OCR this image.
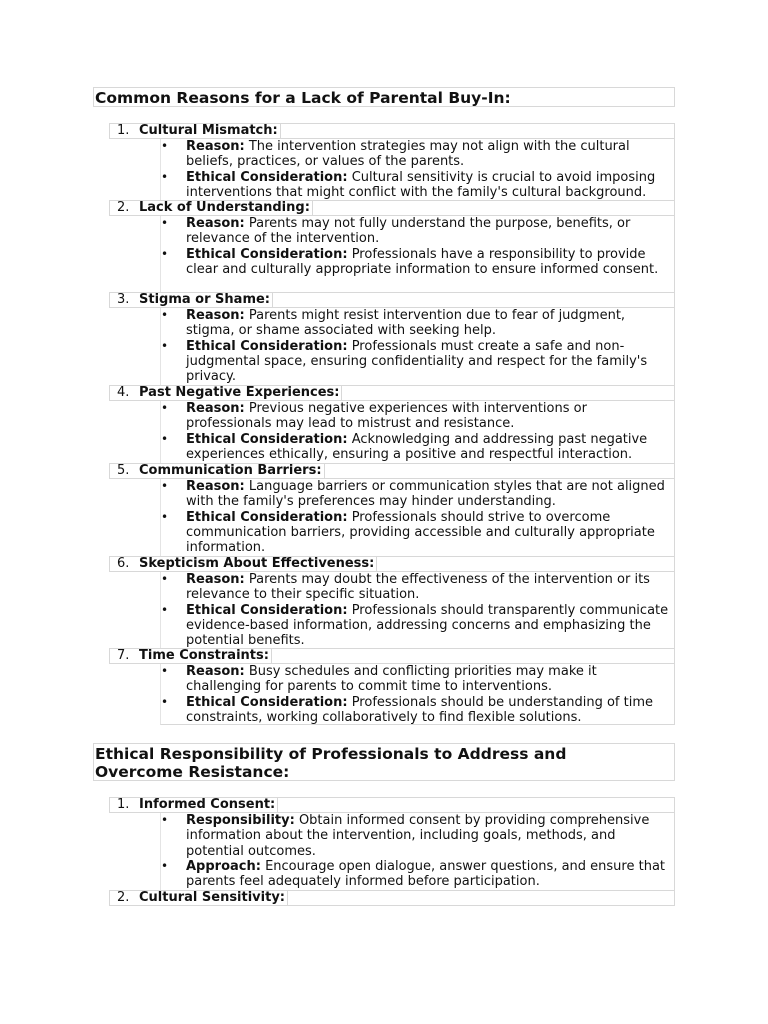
Common Reasons for a Lack of Parental Buy-In:
1. Cultural Mismatch:
•	Reason: The intervention strategies may not align with the cultural beliefs, practices, or values of the parents.
•	Ethical Consideration: Cultural sensitivity is crucial to avoid imposing interventions that might conflict with the family's cultural background.
2. Lack of Understanding:
•	Reason: Parents may not fully understand the purpose, benefits, or relevance of the intervention.
•	Ethical Consideration: Professionals have a responsibility to provide clear and culturally appropriate information to ensure informed consent.
3. Stigma or Shame:
•	Reason: Parents might resist intervention due to fear of judgment, stigma, or shame associated with seeking help.
•	Ethical Consideration: Professionals must create a safe and non-judgmental space, ensuring confidentiality and respect for the family's privacy.
4. Past Negative Experiences:
•	Reason: Previous negative experiences with interventions or professionals may lead to mistrust and resistance.
•	Ethical Consideration: Acknowledging and addressing past negative experiences ethically, ensuring a positive and respectful interaction.
5. Communication Barriers:
•	Reason: Language barriers or communication styles that are not aligned with the family's preferences may hinder understanding.
•	Ethical Consideration: Professionals should strive to overcome communication barriers, providing accessible and culturally appropriate information.
6. Skepticism About Effectiveness:
•	Reason: Parents may doubt the effectiveness of the intervention or its relevance to their specific situation.
•	Ethical Consideration: Professionals should transparently communicate evidence-based information, addressing concerns and emphasizing the potential benefits.
7. Time Constraints:
•	Reason: Busy schedules and conflicting priorities may make it challenging for parents to commit time to interventions.
•	Ethical Consideration: Professionals should be understanding of time constraints, working collaboratively to find flexible solutions.
Ethical Responsibility of Professionals to Address and
Overcome Resistance:
1. Informed Consent:
•	Responsibility: Obtain informed consent by providing comprehensive information about the intervention, including goals, methods, and potential outcomes.
•	Approach: Encourage open dialogue, answer questions, and ensure that parents feel adequately informed before participation.
2. Cultural Sensitivity:
